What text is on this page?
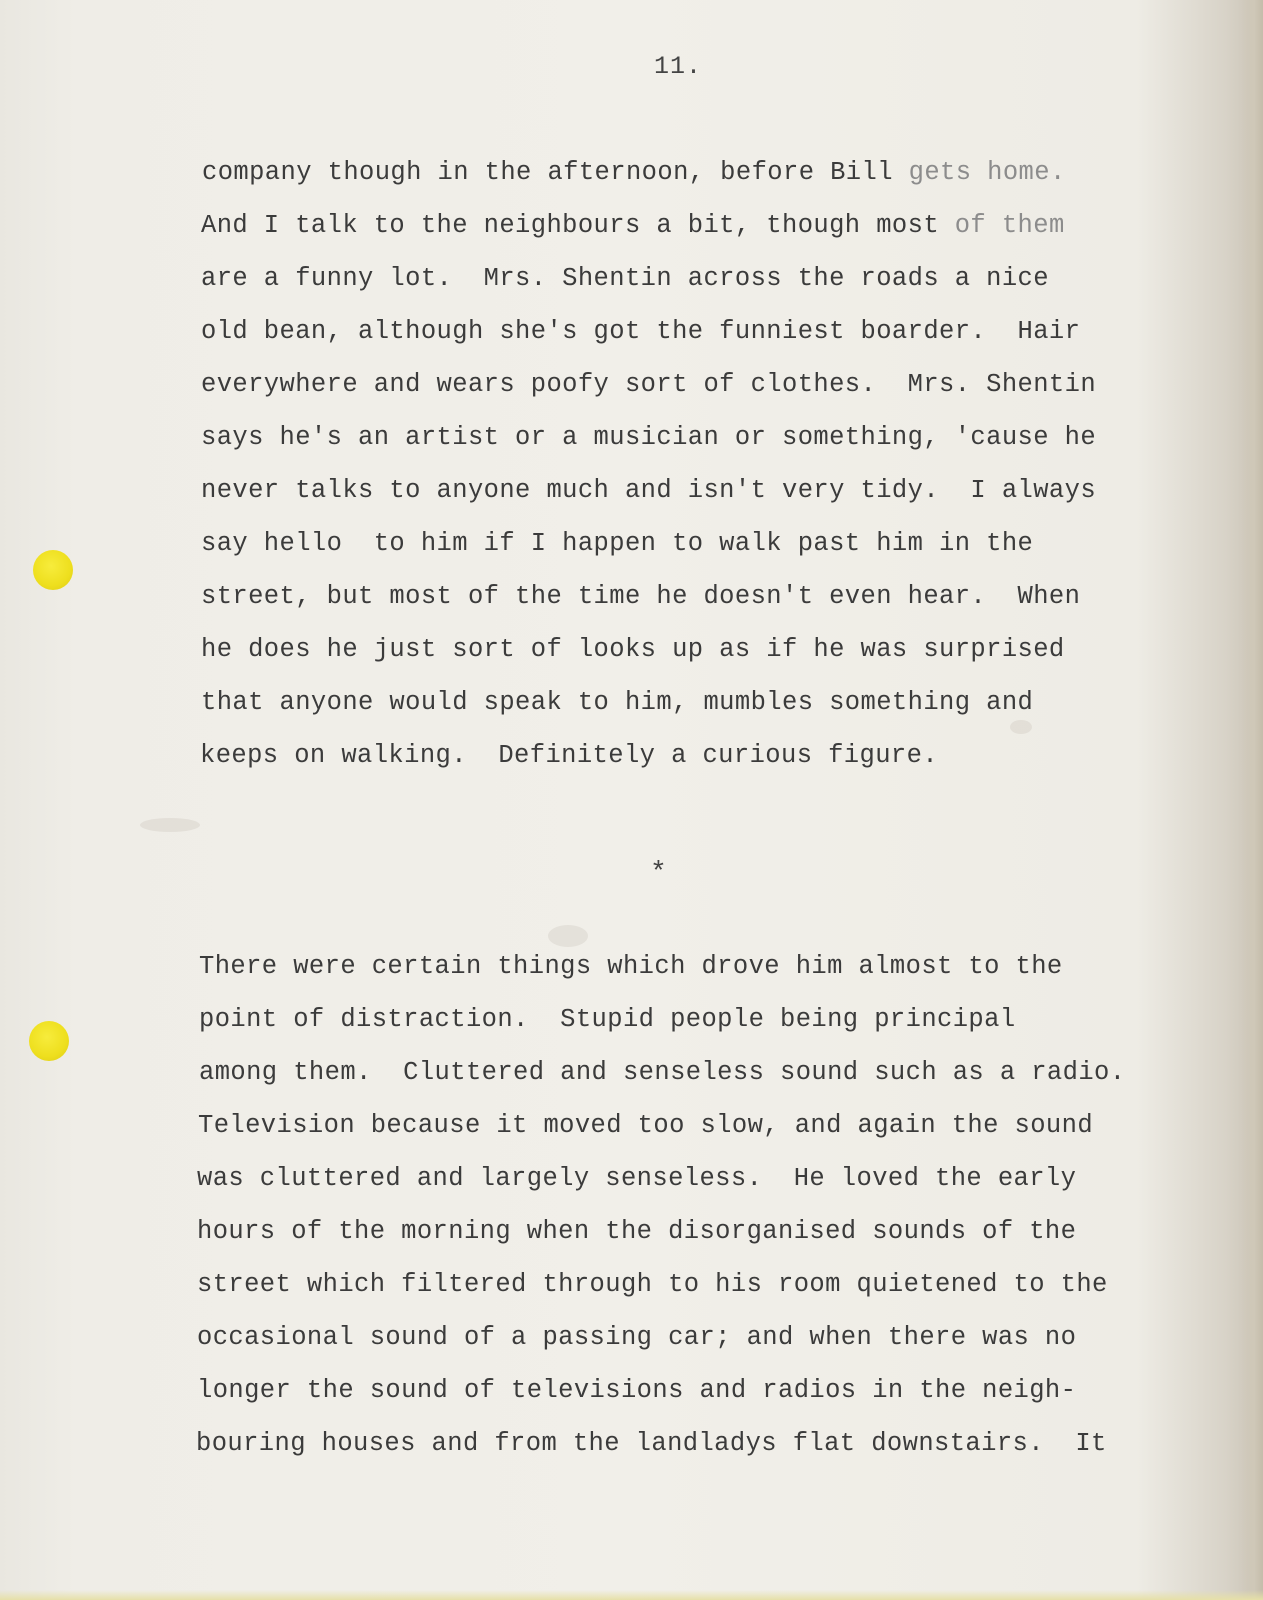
11.
company though in the afternoon, before Bill gets home.
And I talk to the neighbours a bit, though most of them
are a funny lot.  Mrs. Shentin across the roads a nice
old bean, although she's got the funniest boarder.  Hair
everywhere and wears poofy sort of clothes.  Mrs. Shentin
says he's an artist or a musician or something, 'cause he
never talks to anyone much and isn't very tidy.  I always
say hello  to him if I happen to walk past him in the
street, but most of the time he doesn't even hear.  When
he does he just sort of looks up as if he was surprised
that anyone would speak to him, mumbles something and
keeps on walking.  Definitely a curious figure.
*
There were certain things which drove him almost to the
point of distraction.  Stupid people being principal
among them.  Cluttered and senseless sound such as a radio.
Television because it moved too slow, and again the sound
was cluttered and largely senseless.  He loved the early
hours of the morning when the disorganised sounds of the
street which filtered through to his room quietened to the
occasional sound of a passing car; and when there was no
longer the sound of televisions and radios in the neigh-
bouring houses and from the landladys flat downstairs.  It
